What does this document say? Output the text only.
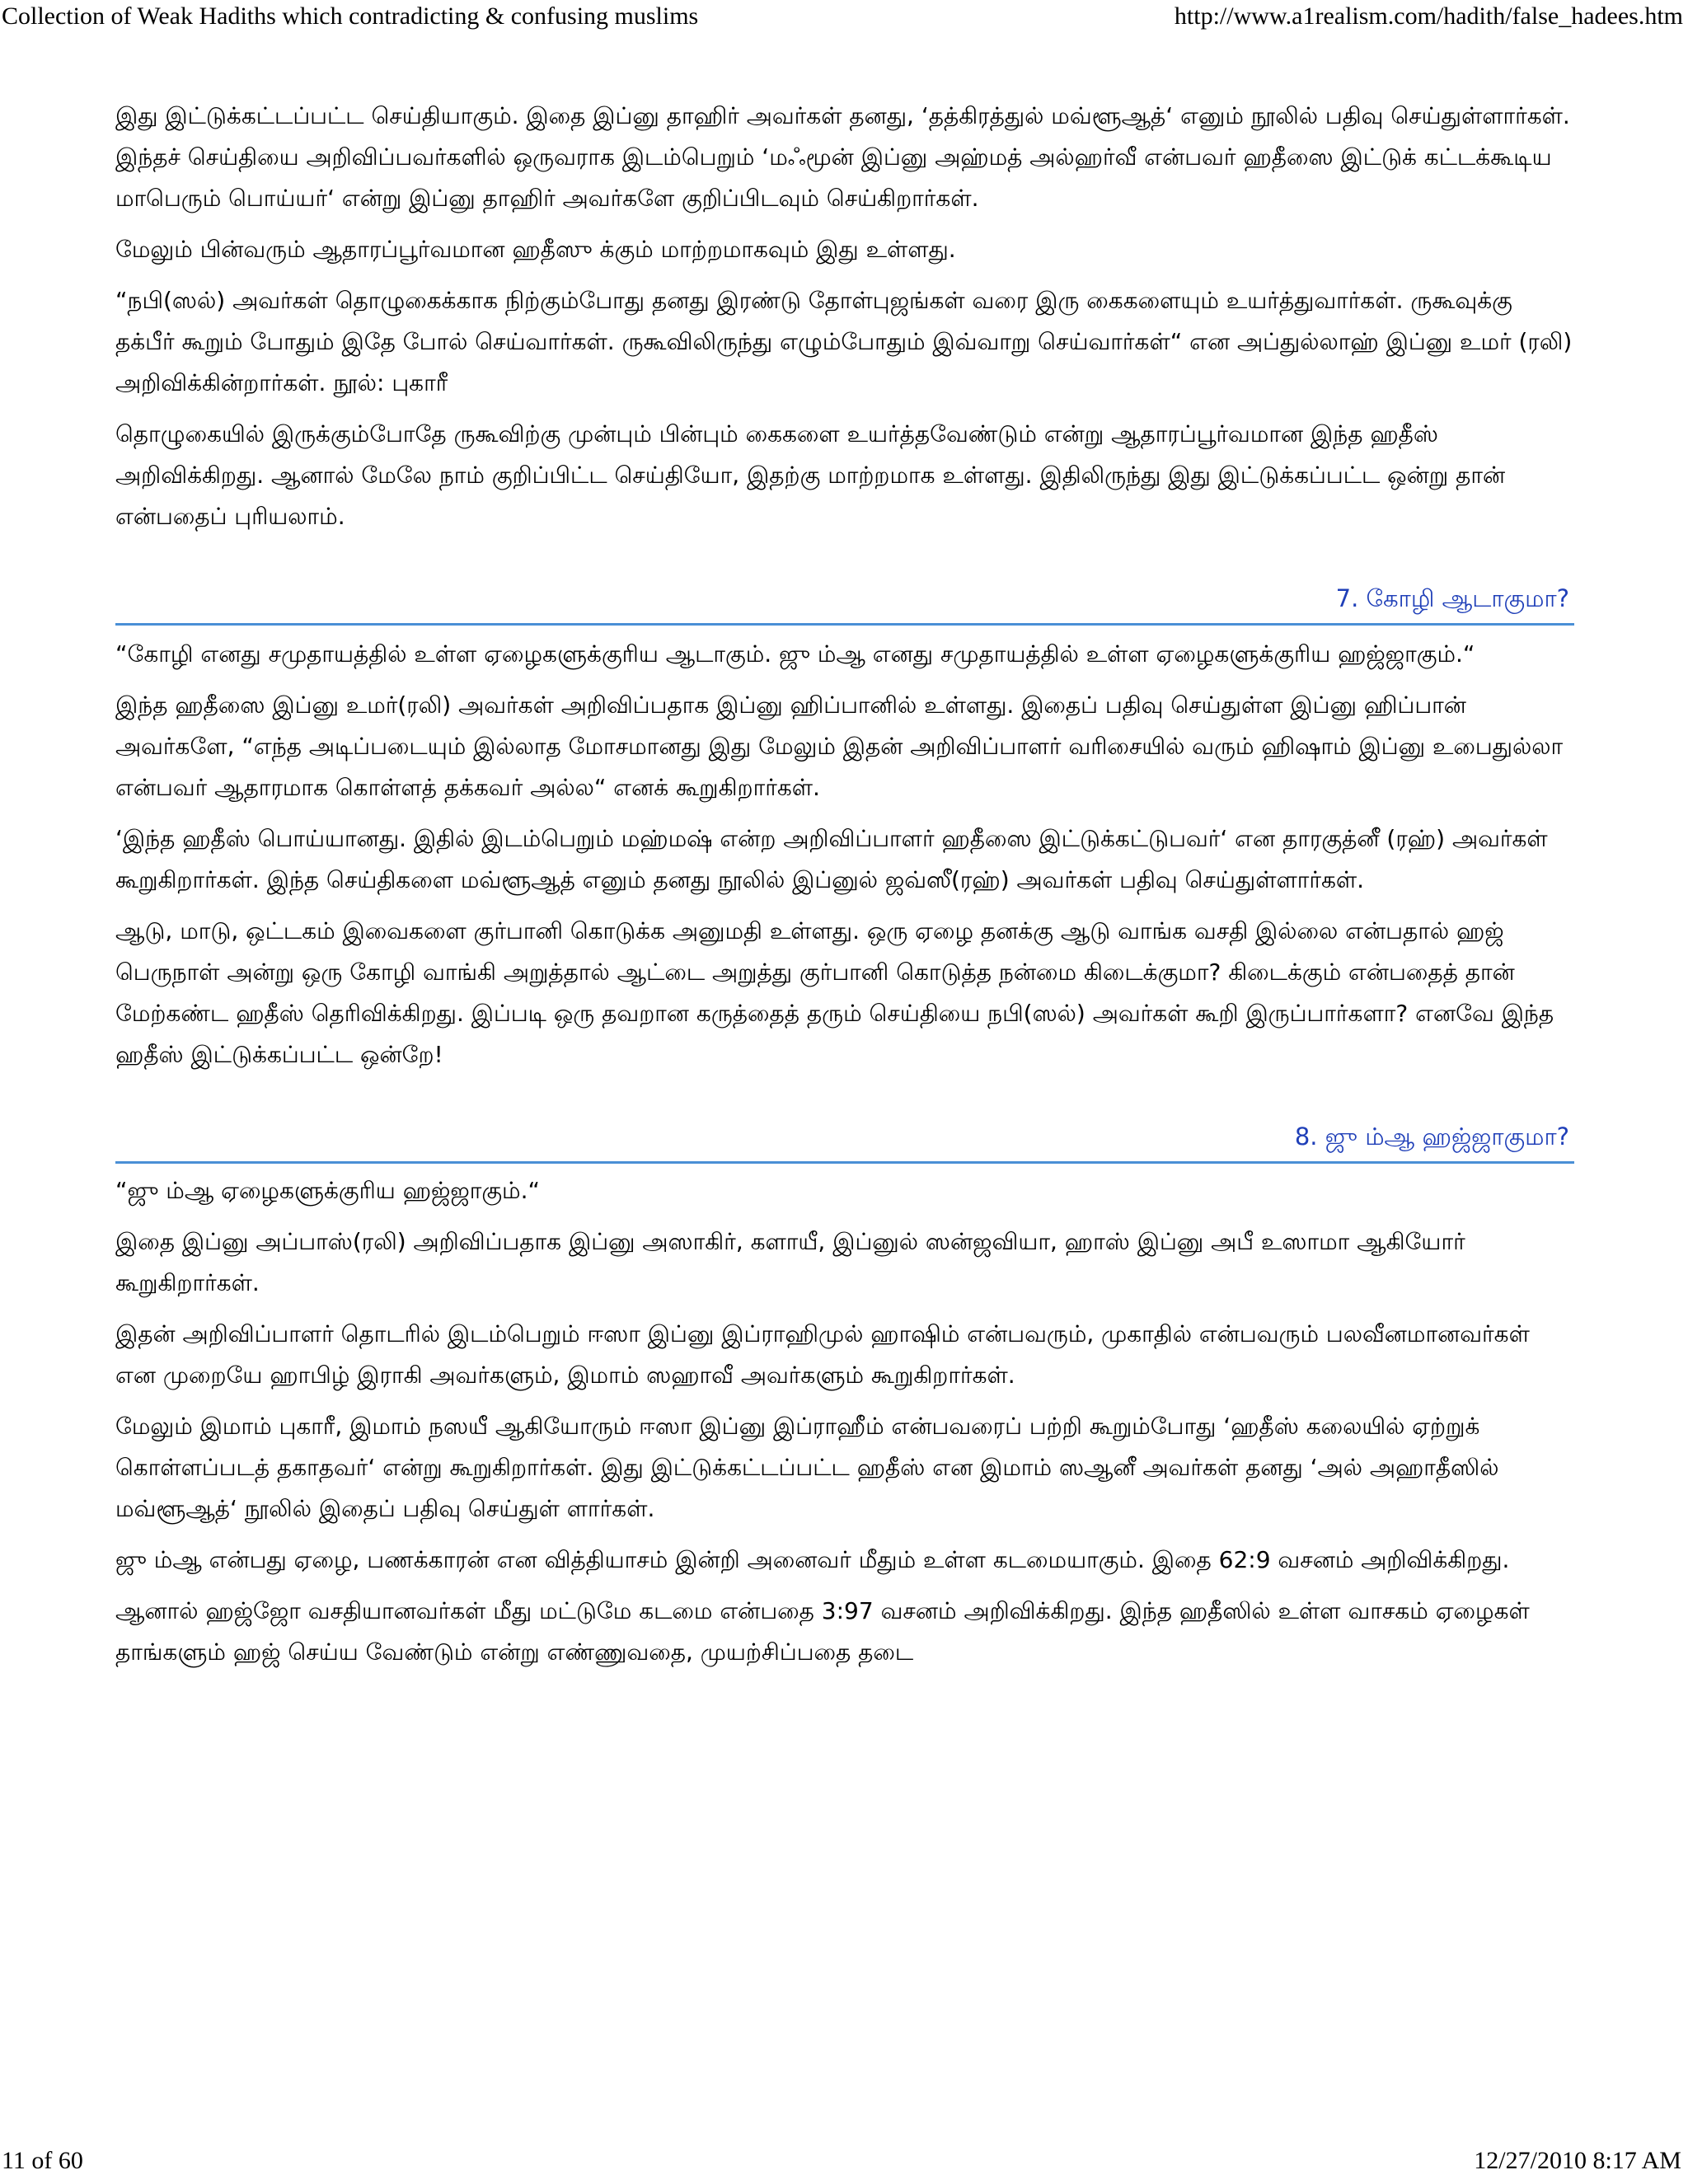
Collection of Weak Hadiths which contradicting & confusing muslims	http://www.a1realism.com/hadith/false_hadees.htm

இது இட்டுக்கட்டப்பட்ட செய்தியாகும். இதை இப்னு தாஹிர் அவர்கள் தனது, ‘தத்கிரத்துல் மவ்ளூஆத்‘ எனும் நூலில் பதிவு செய்துள்ளார்கள். இந்தச் செய்தியை அறிவிப்பவர்களில் ஒருவராக இடம்பெறும் ‘மஃமூன் இப்னு அஹ்மத் அல்ஹர்வீ என்பவர் ஹதீஸை இட்டுக் கட்டக்கூடிய மாபெரும் பொய்யர்‘ என்று இப்னு தாஹிர் அவர்களே குறிப்பிடவும் செய்கிறார்கள்.

மேலும் பின்வரும் ஆதாரப்பூர்வமான ஹதீஸு க்கும் மாற்றமாகவும் இது உள்ளது.

“நபி(ஸல்) அவர்கள் தொழுகைக்காக நிற்கும்போது தனது இரண்டு தோள்புஜங்கள் வரை இரு கைகளையும் உயர்த்துவார்கள். ருகூவுக்கு தக்பீர் கூறும் போதும் இதே போல் செய்வார்கள். ருகூவிலிருந்து எழும்போதும் இவ்வாறு செய்வார்கள்“ என அப்துல்லாஹ் இப்னு உமர் (ரலி) அறிவிக்கின்றார்கள். நூல்: புகாரீ

தொழுகையில் இருக்கும்போதே ருகூவிற்கு முன்பும் பின்பும் கைகளை உயர்த்தவேண்டும் என்று ஆதாரப்பூர்வமான இந்த ஹதீஸ் அறிவிக்கிறது. ஆனால் மேலே நாம் குறிப்பிட்ட செய்தியோ, இதற்கு மாற்றமாக உள்ளது. இதிலிருந்து இது இட்டுக்கப்பட்ட ஒன்று தான் என்பதைப் புரியலாம்.

7. கோழி ஆடாகுமா?

“கோழி எனது சமுதாயத்தில் உள்ள ஏழைகளுக்குரிய ஆடாகும். ஜு ம்ஆ எனது சமுதாயத்தில் உள்ள ஏழைகளுக்குரிய ஹஜ்ஜாகும்.“

இந்த ஹதீஸை இப்னு உமர்(ரலி) அவர்கள் அறிவிப்பதாக இப்னு ஹிப்பானில் உள்ளது. இதைப் பதிவு செய்துள்ள இப்னு ஹிப்பான் அவர்களே, “எந்த அடிப்படையும் இல்லாத மோசமானது இது மேலும் இதன் அறிவிப்பாளர் வரிசையில் வரும் ஹிஷாம் இப்னு உபைதுல்லா என்பவர் ஆதாரமாக கொள்ளத் தக்கவர் அல்ல“ எனக் கூறுகிறார்கள்.

‘இந்த ஹதீஸ் பொய்யானது. இதில் இடம்பெறும் மஹ்மஷ் என்ற அறிவிப்பாளர் ஹதீஸை இட்டுக்கட்டுபவர்‘ என தாரகுத்னீ (ரஹ்) அவர்கள் கூறுகிறார்கள். இந்த செய்திகளை மவ்ளூஆத் எனும் தனது நூலில் இப்னுல் ஜவ்ஸீ(ரஹ்) அவர்கள் பதிவு செய்துள்ளார்கள்.

ஆடு, மாடு, ஒட்டகம் இவைகளை குர்பானி கொடுக்க அனுமதி உள்ளது. ஒரு ஏழை தனக்கு ஆடு வாங்க வசதி இல்லை என்பதால் ஹஜ் பெருநாள் அன்று ஒரு கோழி வாங்கி அறுத்தால் ஆட்டை அறுத்து குர்பானி கொடுத்த நன்மை கிடைக்குமா? கிடைக்கும் என்பதைத் தான் மேற்கண்ட ஹதீஸ் தெரிவிக்கிறது. இப்படி ஒரு தவறான கருத்தைத் தரும் செய்தியை நபி(ஸல்) அவர்கள் கூறி இருப்பார்களா? எனவே இந்த ஹதீஸ் இட்டுக்கப்பட்ட ஒன்றே!

8. ஜு ம்ஆ ஹஜ்ஜாகுமா?

“ஜு ம்ஆ ஏழைகளுக்குரிய ஹஜ்ஜாகும்.“

இதை இப்னு அப்பாஸ்(ரலி) அறிவிப்பதாக இப்னு அஸாகிர், களாயீ, இப்னுல் ஸன்ஜவியா, ஹாஸ் இப்னு அபீ உஸாமா ஆகியோர் கூறுகிறார்கள்.

இதன் அறிவிப்பாளர் தொடரில் இடம்பெறும் ஈஸா இப்னு இப்ராஹிமுல் ஹாஷிம் என்பவரும், முகாதில் என்பவரும் பலவீனமானவர்கள் என முறையே ஹாபிழ் இராகி அவர்களும், இமாம் ஸஹாவீ அவர்களும் கூறுகிறார்கள்.

மேலும் இமாம் புகாரீ, இமாம் நஸயீ ஆகியோரும் ஈஸா இப்னு இப்ராஹீம் என்பவரைப் பற்றி கூறும்போது ‘ஹதீஸ் கலையில் ஏற்றுக் கொள்ளப்படத் தகாதவர்‘ என்று கூறுகிறார்கள். இது இட்டுக்கட்டப்பட்ட ஹதீஸ் என இமாம் ஸஆனீ அவர்கள் தனது ‘அல் அஹாதீஸில் மவ்ளூஆத்‘ நூலில் இதைப் பதிவு செய்துள் ளார்கள்.

ஜு ம்ஆ என்பது ஏழை, பணக்காரன் என வித்தியாசம் இன்றி அனைவர் மீதும் உள்ள கடமையாகும். இதை 62:9 வசனம் அறிவிக்கிறது.

ஆனால் ஹஜ்ஜோ வசதியானவர்கள் மீது மட்டுமே கடமை என்பதை 3:97 வசனம் அறிவிக்கிறது. இந்த ஹதீஸில் உள்ள வாசகம் ஏழைகள் தாங்களும் ஹஜ் செய்ய வேண்டும் என்று எண்ணுவதை, முயற்சிப்பதை தடை

11 of 60	12/27/2010 8:17 AM
